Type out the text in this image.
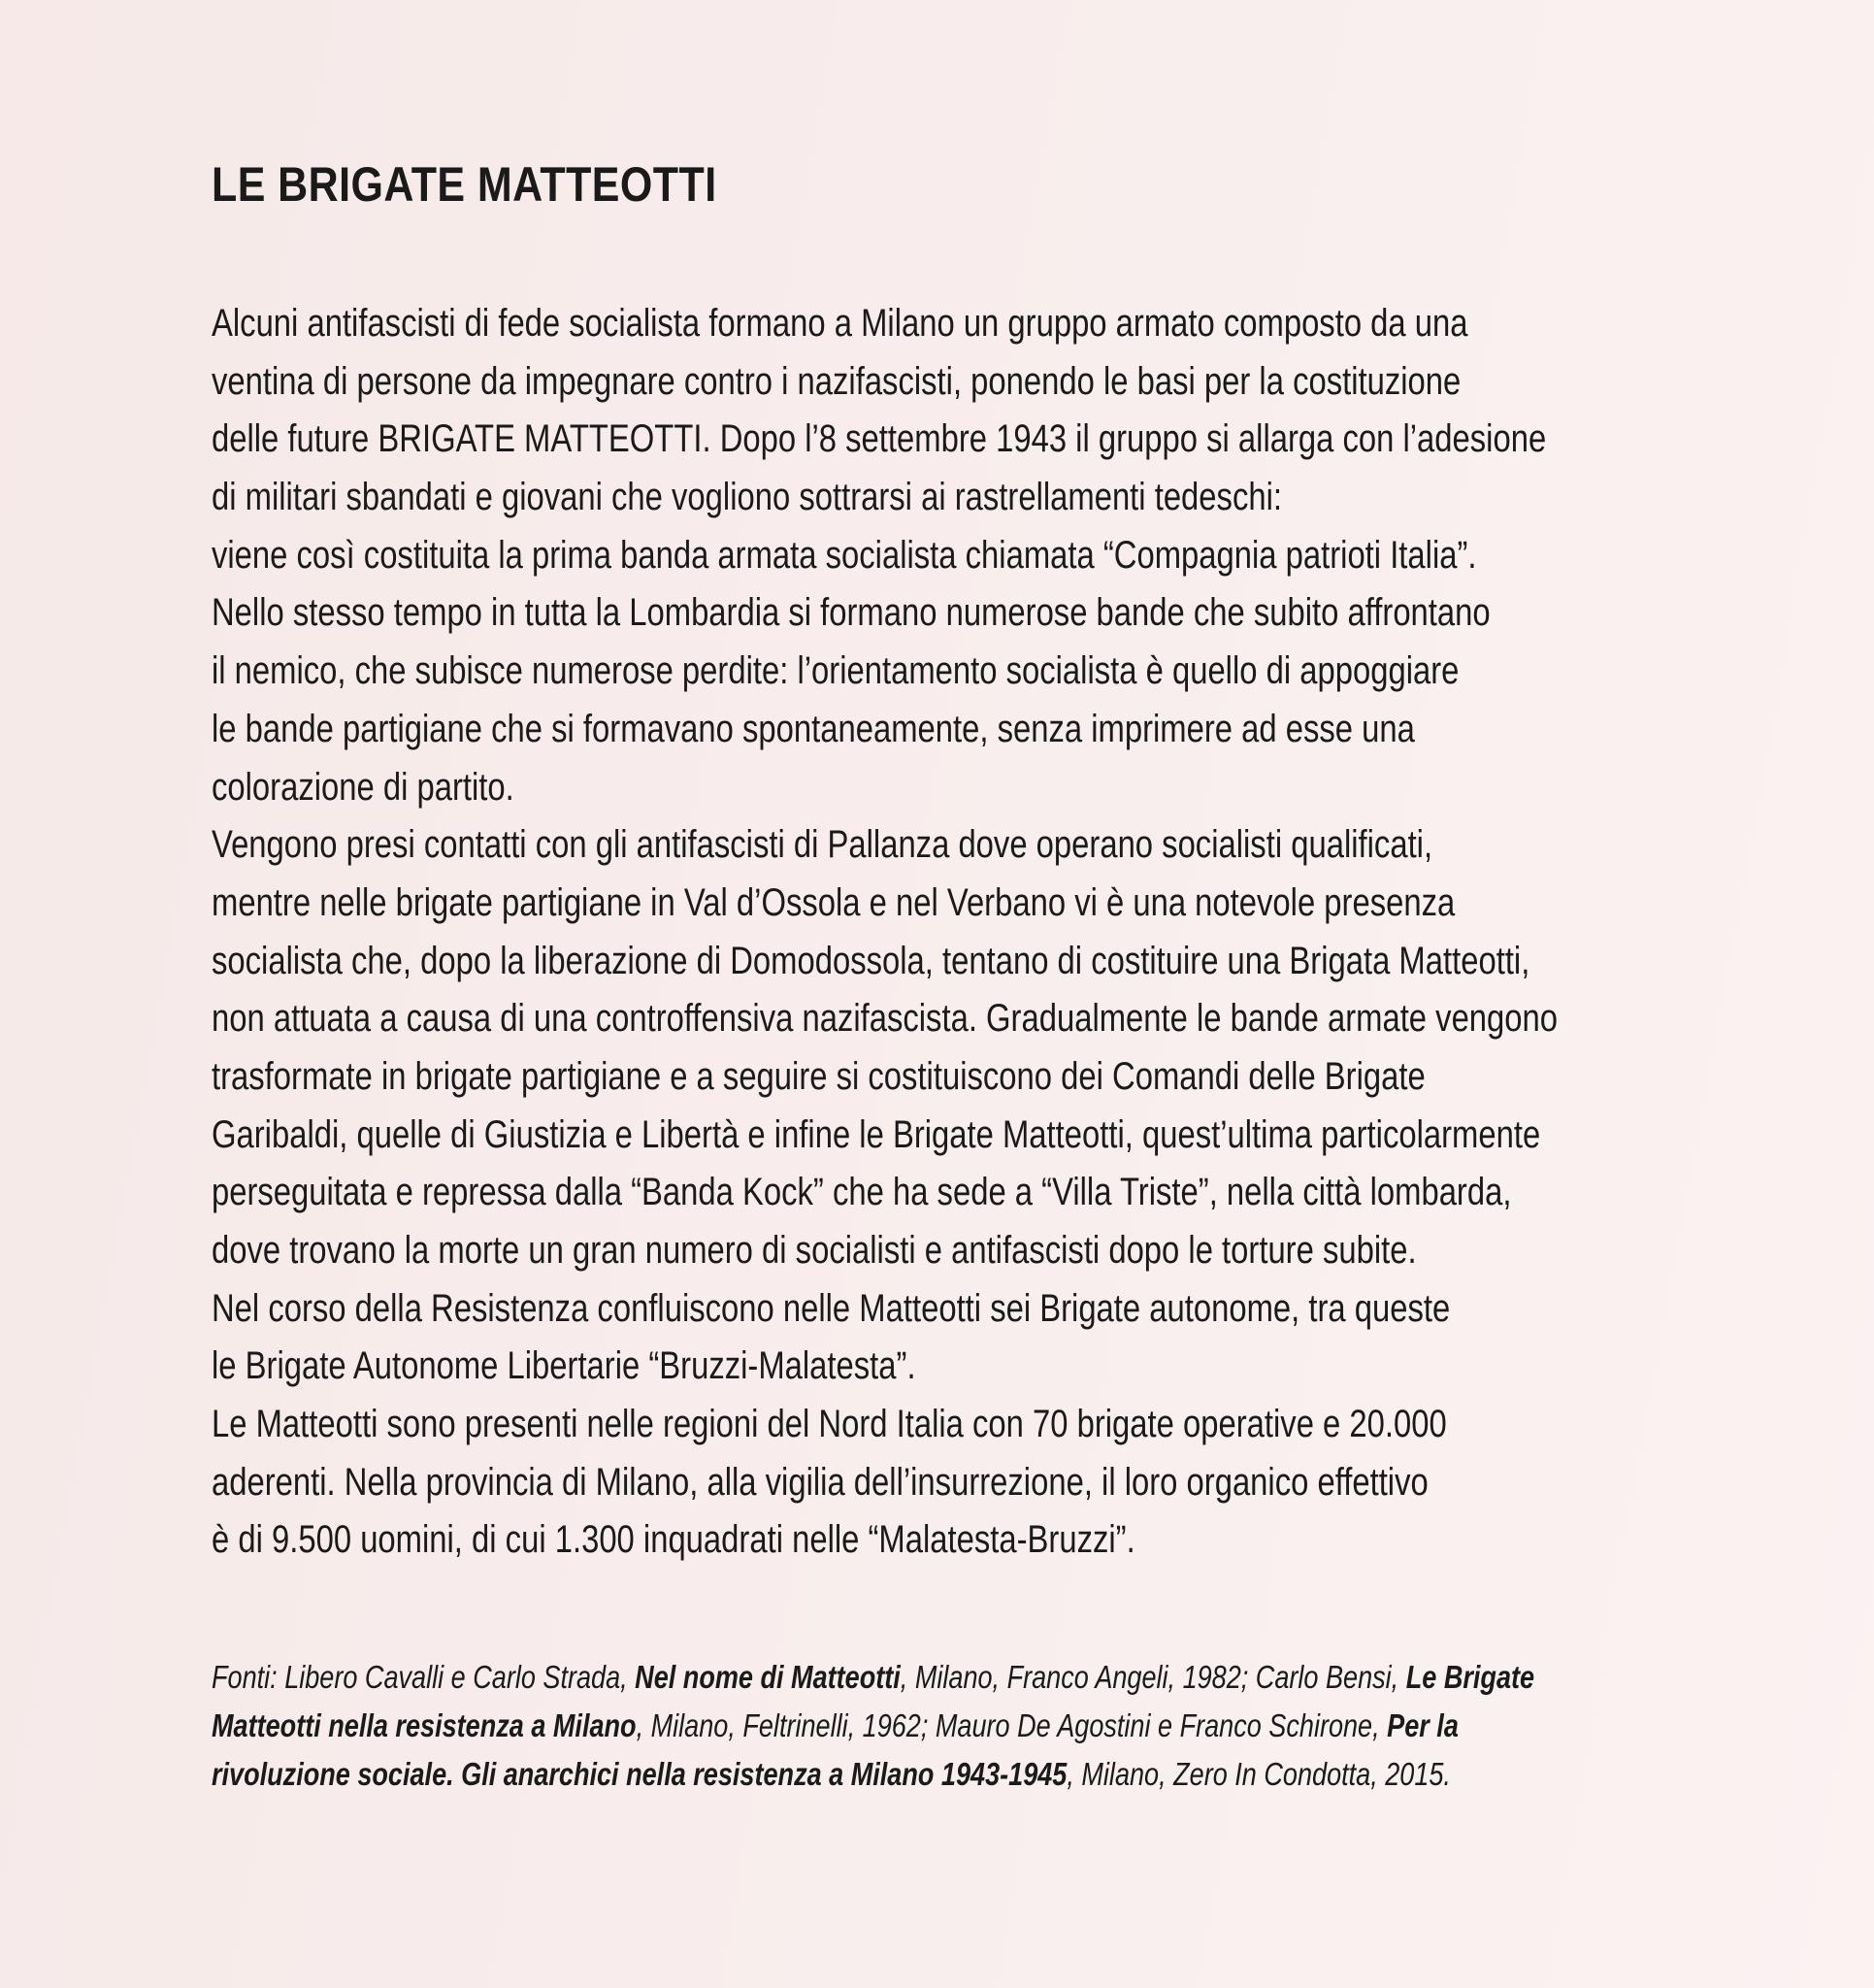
LE BRIGATE MATTEOTTI
Alcuni antifascisti di fede socialista formano a Milano un gruppo armato composto da una
ventina di persone da impegnare contro i nazifascisti, ponendo le basi per la costituzione
delle future BRIGATE MATTEOTTI. Dopo l’8 settembre 1943 il gruppo si allarga con l’adesione
di militari sbandati e giovani che vogliono sottrarsi ai rastrellamenti tedeschi:
viene così costituita la prima banda armata socialista chiamata “Compagnia patrioti Italia”.
Nello stesso tempo in tutta la Lombardia si formano numerose bande che subito affrontano
il nemico, che subisce numerose perdite: l’orientamento socialista è quello di appoggiare
le bande partigiane che si formavano spontaneamente, senza imprimere ad esse una
colorazione di partito.
Vengono presi contatti con gli antifascisti di Pallanza dove operano socialisti qualificati,
mentre nelle brigate partigiane in Val d’Ossola e nel Verbano vi è una notevole presenza
socialista che, dopo la liberazione di Domodossola, tentano di costituire una Brigata Matteotti,
non attuata a causa di una controffensiva nazifascista. Gradualmente le bande armate vengono
trasformate in brigate partigiane e a seguire si costituiscono dei Comandi delle Brigate
Garibaldi, quelle di Giustizia e Libertà e infine le Brigate Matteotti, quest’ultima particolarmente
perseguitata e repressa dalla “Banda Kock” che ha sede a “Villa Triste”, nella città lombarda,
dove trovano la morte un gran numero di socialisti e antifascisti dopo le torture subite.
Nel corso della Resistenza confluiscono nelle Matteotti sei Brigate autonome, tra queste
le Brigate Autonome Libertarie “Bruzzi-Malatesta”.
Le Matteotti sono presenti nelle regioni del Nord Italia con 70 brigate operative e 20.000
aderenti. Nella provincia di Milano, alla vigilia dell’insurrezione, il loro organico effettivo
è di 9.500 uomini, di cui 1.300 inquadrati nelle “Malatesta-Bruzzi”.
Fonti: Libero Cavalli e Carlo Strada, Nel nome di Matteotti, Milano, Franco Angeli, 1982; Carlo Bensi, Le Brigate
Matteotti nella resistenza a Milano, Milano, Feltrinelli, 1962; Mauro De Agostini e Franco Schirone, Per la
rivoluzione sociale. Gli anarchici nella resistenza a Milano 1943-1945, Milano, Zero In Condotta, 2015.
